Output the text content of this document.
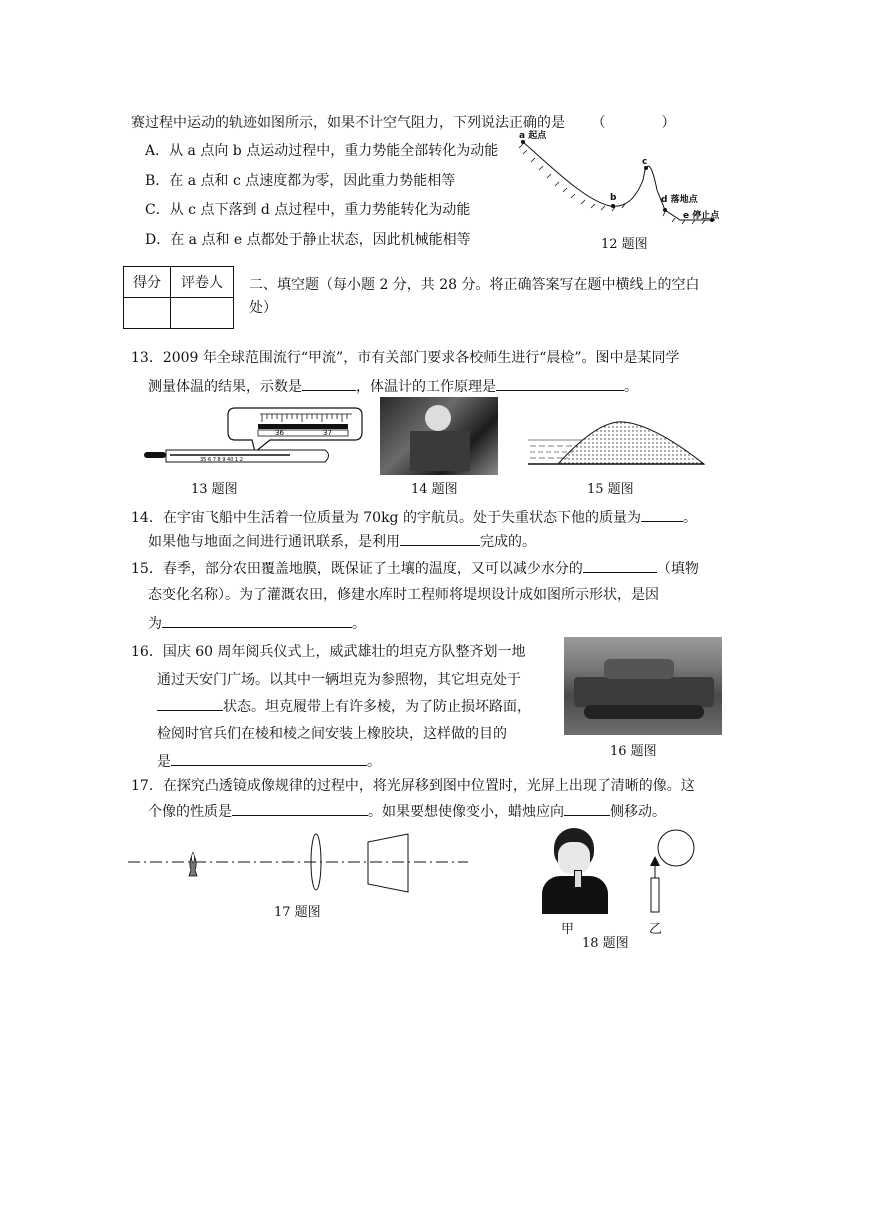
赛过程中运动的轨迹如图所示，如果不计空气阻力，下列说法正确的是 （　　　　）
A．从 a 点向 b 点运动过程中，重力势能全部转化为动能
B．在 a 点和 c 点速度都为零，因此重力势能相等
C．从 c 点下落到 d 点过程中，重力势能转化为动能
D．在 a 点和 e 点都处于静止状态，因此机械能相等
a 起点
b
c
d 落地点
e 停止点
12 题图
得分	评卷人
	二、填空题（每小题 2 分，共 28 分。将正确答案写在题中横线上的空白
处）
13．2009 年全球范围流行“甲流”，市有关部门要求各校师生进行“晨检”。图中是某同学
测量体温的结果，示数是	，体温计的工作原理是	。
36	37
35 6 7 8 9 40 1 2
13 题图	14 题图	15 题图
14．在宇宙飞船中生活着一位质量为 70kg 的宇航员。处于失重状态下他的质量为	。
如果他与地面之间进行通讯联系，是利用	完成的。
15．春季，部分农田覆盖地膜，既保证了土壤的温度，又可以减少水分的	（填物
态变化名称）。为了灌溉农田，修建水库时工程师将堤坝设计成如图所示形状，是因
为	。
16．国庆 60 周年阅兵仪式上，威武雄壮的坦克方队整齐划一地
通过天安门广场。以其中一辆坦克为参照物，其它坦克处于
状态。坦克履带上有许多棱，为了防止损坏路面，
检阅时官兵们在棱和棱之间安装上橡胶块，这样做的目的
是	。
16 题图
17．在探究凸透镜成像规律的过程中，将光屏移到图中位置时，光屏上出现了清晰的像。这
个像的性质是	。如果要想使像变小，蜡烛应向	侧移动。
17 题图
甲	乙
18 题图
